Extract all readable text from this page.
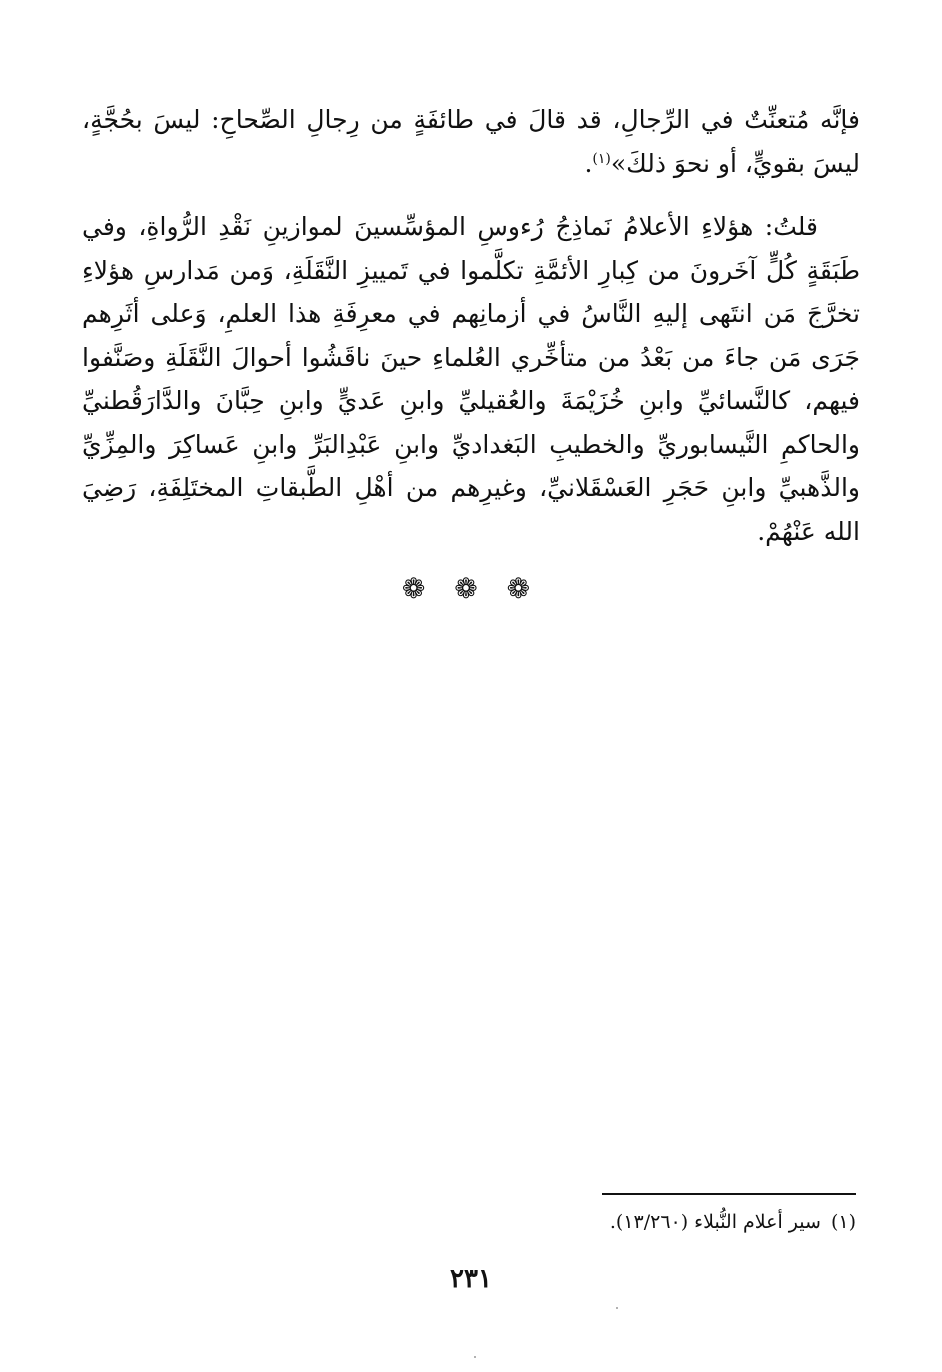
فإنَّه مُتعنِّتٌ في الرِّجالِ، قد قالَ في طائفَةٍ من رِجالِ الصِّحاحِ: ليسَ بحُجَّةٍ، ليسَ بقويٍّ، أو نحوَ ذلكَ»$^{(١)}$.

قلتُ: هؤلاءِ الأعلامُ نَماذِجُ رُءوسِ المؤسِّسينَ لموازينِ نَقْدِ الرُّواةِ، وفي طَبَقَةٍ كُلٍّ آخَرونَ من كِبارِ الأئمَّةِ تكلَّموا في تَمييزِ النَّقَلَةِ، وَمن مَدارسِ هؤلاءِ تخرَّجَ مَن انتَهى إليهِ النَّاسُ في أزمانِهم في معرِفَةِ هذا العلمِ، وَعلى أثَرِهم جَرَى مَن جاءَ من بَعْدُ من متأخِّري العُلماءِ حينَ ناقَشُوا أحوالَ النَّقَلَةِ وصَنَّفوا فيهم، كالنَّسائيِّ وابنِ خُزَيْمَةَ والعُقيليِّ وابنِ عَديٍّ وابنِ حِبَّانَ والدَّارَقُطنيِّ والحاكمِ النَّيسابوريِّ والخطيبِ البَغداديِّ وابنِ عَبْدِالبَرِّ وابنِ عَساكِرَ والمِزِّيِّ والذَّهبيِّ وابنِ حَجَرِ العَسْقَلانيِّ، وغيرِهم من أهْلِ الطَّبقاتِ المختَلِفَةِ، رَضِيَ الله عَنْهُمْ.

❁ ❁ ❁
(١)سير أعلام النُّبلاء (١٣/٢٦٠).
٢٣١
